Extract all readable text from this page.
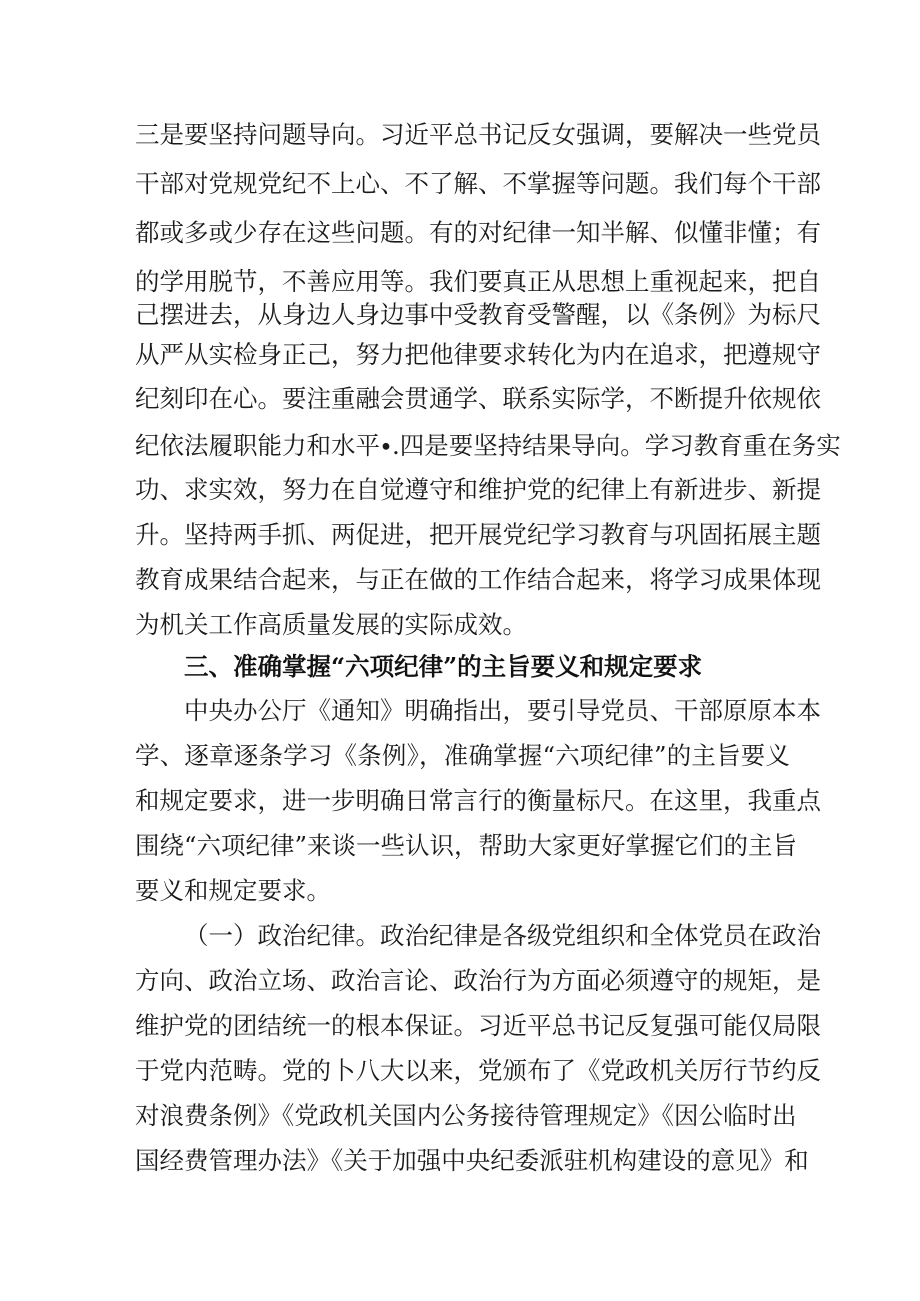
三是要坚持问题导向。习近平总书记反女强调，要解决一些党员
干部对党规党纪不上心、不了解、不掌握等问题。我们每个干部
都或多或少存在这些问题。有的对纪律一知半解、似懂非懂；有
的学用脱节，不善应用等。我们要真正从思想上重视起来，把自
己摆进去，从身边人身边事中受教育受警醒，以《条例》为标尺
从严从实检身正己，努力把他律要求转化为内在追求，把遵规守
纪刻印在心。要注重融会贯通学、联系实际学，不断提升依规依
纪依法履职能力和水平∙.四是要坚持结果导向。学习教育重在务实
功、求实效，努力在自觉遵守和维护党的纪律上有新进步、新提
升。坚持两手抓、两促进，把开展党纪学习教育与巩固拓展主题
教育成果结合起来，与正在做的工作结合起来，将学习成果体现
为机关工作高质量发展的实际成效。
三、准确掌握“六项纪律”的主旨要义和规定要求
中央办公厅《通知》明确指出，要引导党员、干部原原本本
学、逐章逐条学习《条例》，准确掌握“六项纪律”的主旨要义
和规定要求，进一步明确日常言行的衡量标尺。在这里，我重点
围绕“六项纪律”来谈一些认识，帮助大家更好掌握它们的主旨
要义和规定要求。
（一）政治纪律。政治纪律是各级党组织和全体党员在政治
方向、政治立场、政治言论、政治行为方面必须遵守的规矩，是
维护党的团结统一的根本保证。习近平总书记反复强可能仅局限
于党内范畴。党的卜八大以来，党颁布了《党政机关厉行节约反
对浪费条例》《党政机关国内公务接待管理规定》《因公临时出
国经费管理办法》《关于加强中央纪委派驻机构建设的意见》和
